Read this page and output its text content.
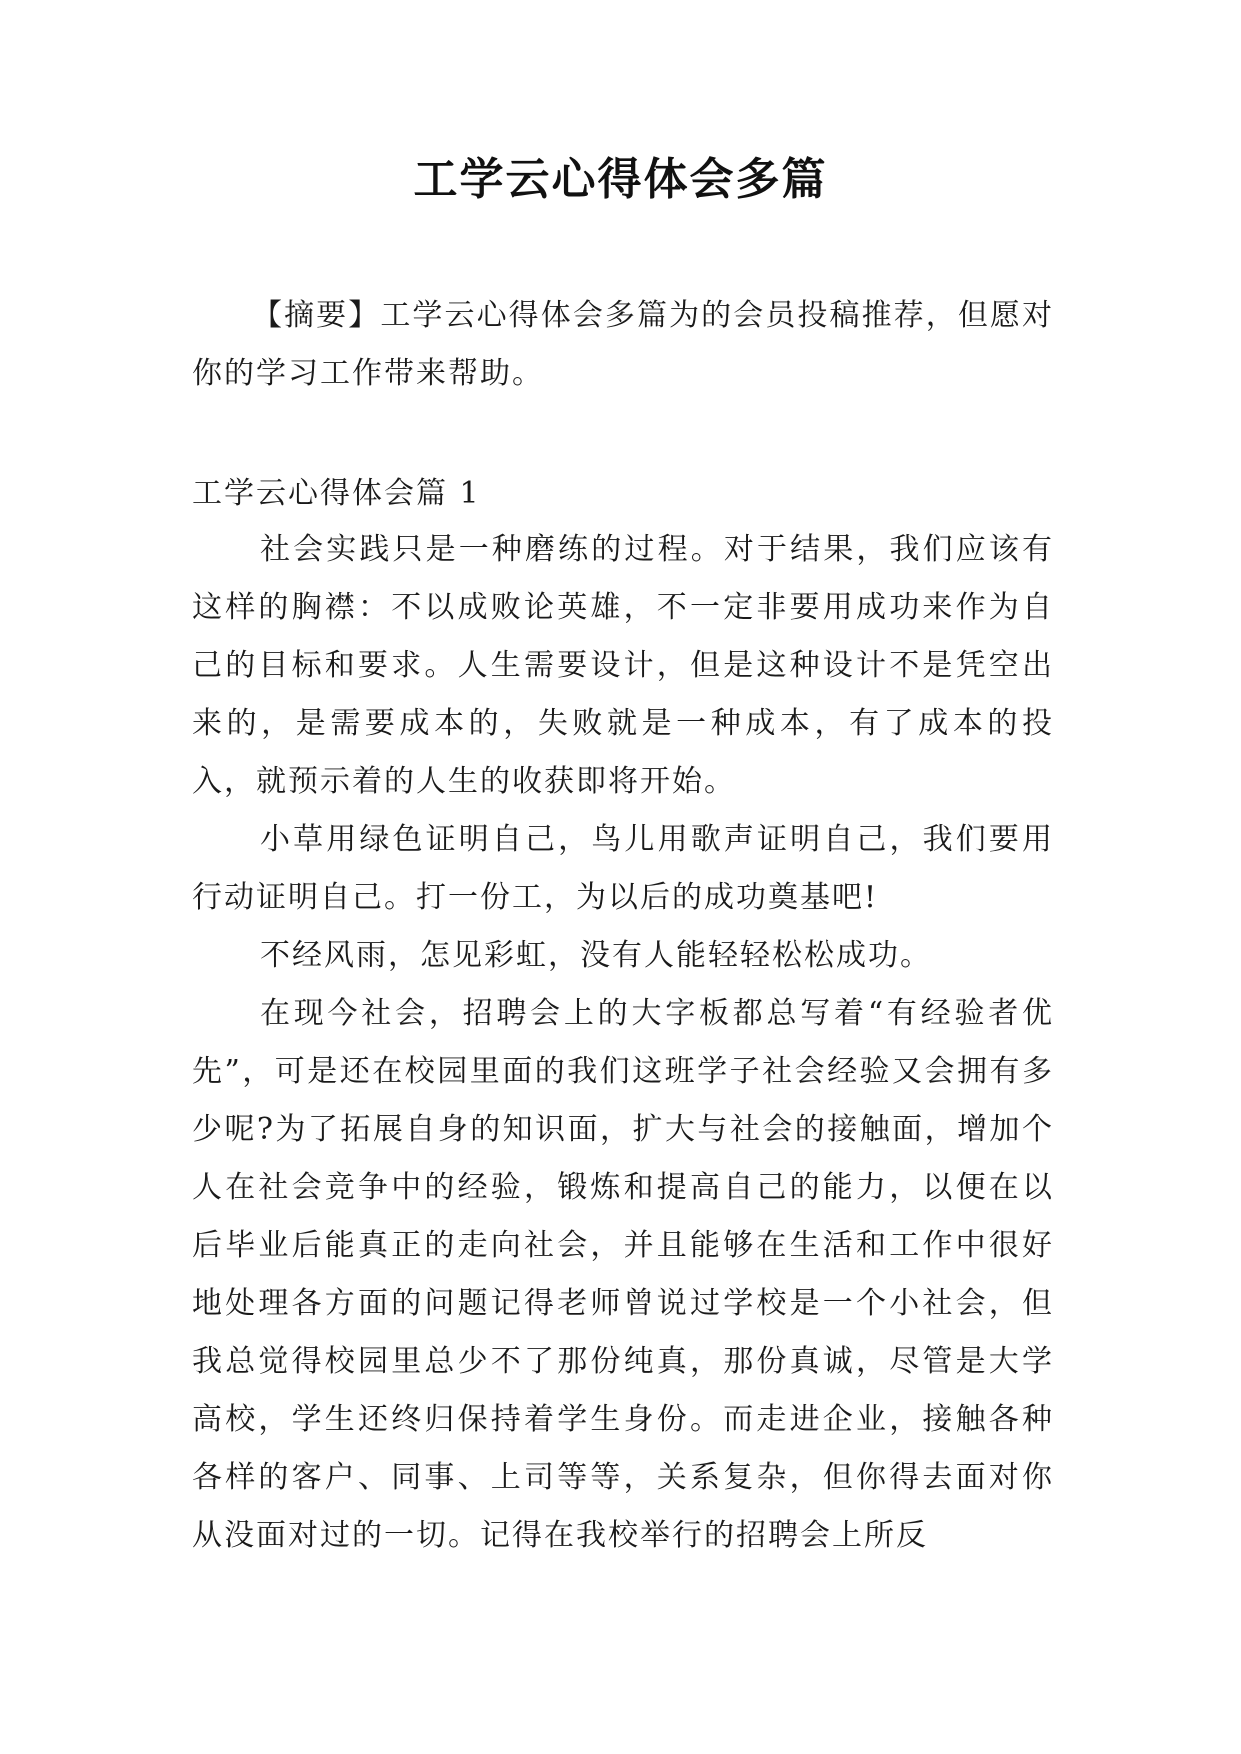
工学云心得体会多篇

【摘要】工学云心得体会多篇为的会员投稿推荐，但愿对你的学习工作带来帮助。

工学云心得体会篇 1

社会实践只是一种磨练的过程。对于结果，我们应该有这样的胸襟：不以成败论英雄，不一定非要用成功来作为自己的目标和要求。人生需要设计，但是这种设计不是凭空出来的，是需要成本的，失败就是一种成本，有了成本的投入，就预示着的人生的收获即将开始。

小草用绿色证明自己，鸟儿用歌声证明自己，我们要用行动证明自己。打一份工，为以后的成功奠基吧!

不经风雨，怎见彩虹，没有人能轻轻松松成功。

在现今社会，招聘会上的大字板都总写着“有经验者优先”，可是还在校园里面的我们这班学子社会经验又会拥有多少呢?为了拓展自身的知识面，扩大与社会的接触面，增加个人在社会竞争中的经验，锻炼和提高自己的能力，以便在以后毕业后能真正的走向社会，并且能够在生活和工作中很好地处理各方面的问题记得老师曾说过学校是一个小社会，但我总觉得校园里总少不了那份纯真，那份真诚，尽管是大学高校，学生还终归保持着学生身份。而走进企业，接触各种各样的客户、同事、上司等等，关系复杂，但你得去面对你从没面对过的一切。记得在我校举行的招聘会上所反
